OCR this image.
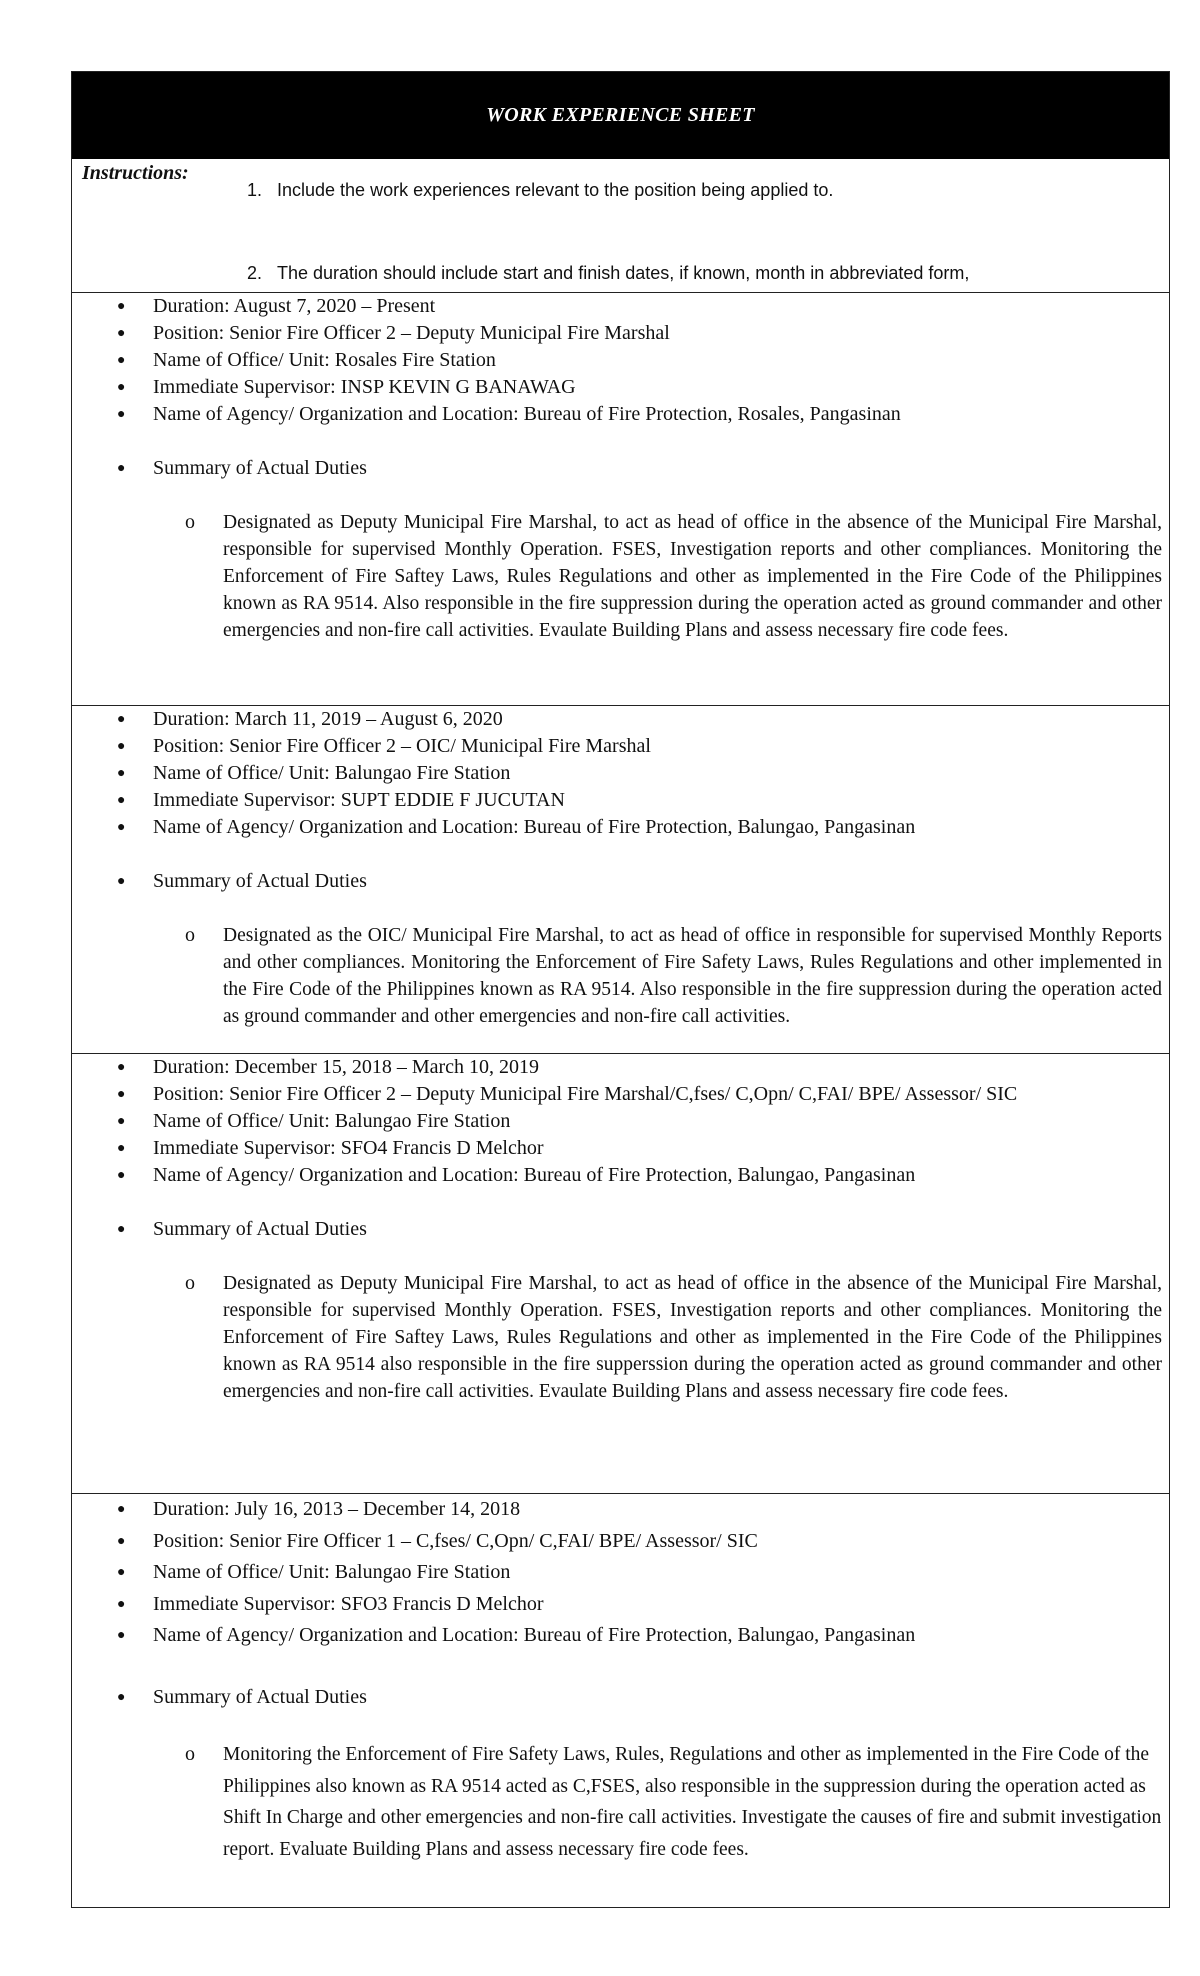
WORK EXPERIENCE SHEET
Instructions:
1. Include the work experiences relevant to the position being applied to.
2. The duration should include start and finish dates, if known, month in abbreviated form,
● Duration: August 7, 2020 – Present
● Position: Senior Fire Officer 2 – Deputy Municipal Fire Marshal
● Name of Office/ Unit: Rosales Fire Station
● Immediate Supervisor: INSP KEVIN G BANAWAG
● Name of Agency/ Organization and Location: Bureau of Fire Protection, Rosales, Pangasinan
● Summary of Actual Duties
o Designated as Deputy Municipal Fire Marshal, to act as head of office in the absence of the Municipal Fire Marshal, responsible for supervised Monthly Operation. FSES, Investigation reports and other compliances. Monitoring the Enforcement of Fire Saftey Laws, Rules Regulations and other as implemented in the Fire Code of the Philippines known as RA 9514. Also responsible in the fire suppression during the operation acted as ground commander and other emergencies and non-fire call activities. Evaulate Building Plans and assess necessary fire code fees.
● Duration: March 11, 2019 – August 6, 2020
● Position: Senior Fire Officer 2 – OIC/ Municipal Fire Marshal
● Name of Office/ Unit: Balungao Fire Station
● Immediate Supervisor: SUPT EDDIE F JUCUTAN
● Name of Agency/ Organization and Location: Bureau of Fire Protection, Balungao, Pangasinan
● Summary of Actual Duties
o Designated as the OIC/ Municipal Fire Marshal, to act as head of office in responsible for supervised Monthly Reports and other compliances. Monitoring the Enforcement of Fire Safety Laws, Rules Regulations and other implemented in the Fire Code of the Philippines known as RA 9514. Also responsible in the fire suppression during the operation acted as ground commander and other emergencies and non-fire call activities.
● Duration: December 15, 2018 – March 10, 2019
● Position: Senior Fire Officer 2 – Deputy Municipal Fire Marshal/C,fses/ C,Opn/ C,FAI/ BPE/ Assessor/ SIC
● Name of Office/ Unit: Balungao Fire Station
● Immediate Supervisor: SFO4 Francis D Melchor
● Name of Agency/ Organization and Location: Bureau of Fire Protection, Balungao, Pangasinan
● Summary of Actual Duties
o Designated as Deputy Municipal Fire Marshal, to act as head of office in the absence of the Municipal Fire Marshal, responsible for supervised Monthly Operation. FSES, Investigation reports and other compliances. Monitoring the Enforcement of Fire Saftey Laws, Rules Regulations and other as implemented in the Fire Code of the Philippines known as RA 9514 also responsible in the fire supperssion during the operation acted as ground commander and other emergencies and non-fire call activities. Evaulate Building Plans and assess necessary fire code fees.
● Duration: July 16, 2013 – December 14, 2018
● Position: Senior Fire Officer 1 – C,fses/ C,Opn/ C,FAI/ BPE/ Assessor/ SIC
● Name of Office/ Unit: Balungao Fire Station
● Immediate Supervisor: SFO3 Francis D Melchor
● Name of Agency/ Organization and Location: Bureau of Fire Protection, Balungao, Pangasinan
● Summary of Actual Duties
o Monitoring the Enforcement of Fire Safety Laws, Rules, Regulations and other as implemented in the Fire Code of the Philippines also known as RA 9514 acted as C,FSES, also responsible in the suppression during the operation acted as Shift In Charge and other emergencies and non-fire call activities. Investigate the causes of fire and submit investigation report. Evaluate Building Plans and assess necessary fire code fees.
